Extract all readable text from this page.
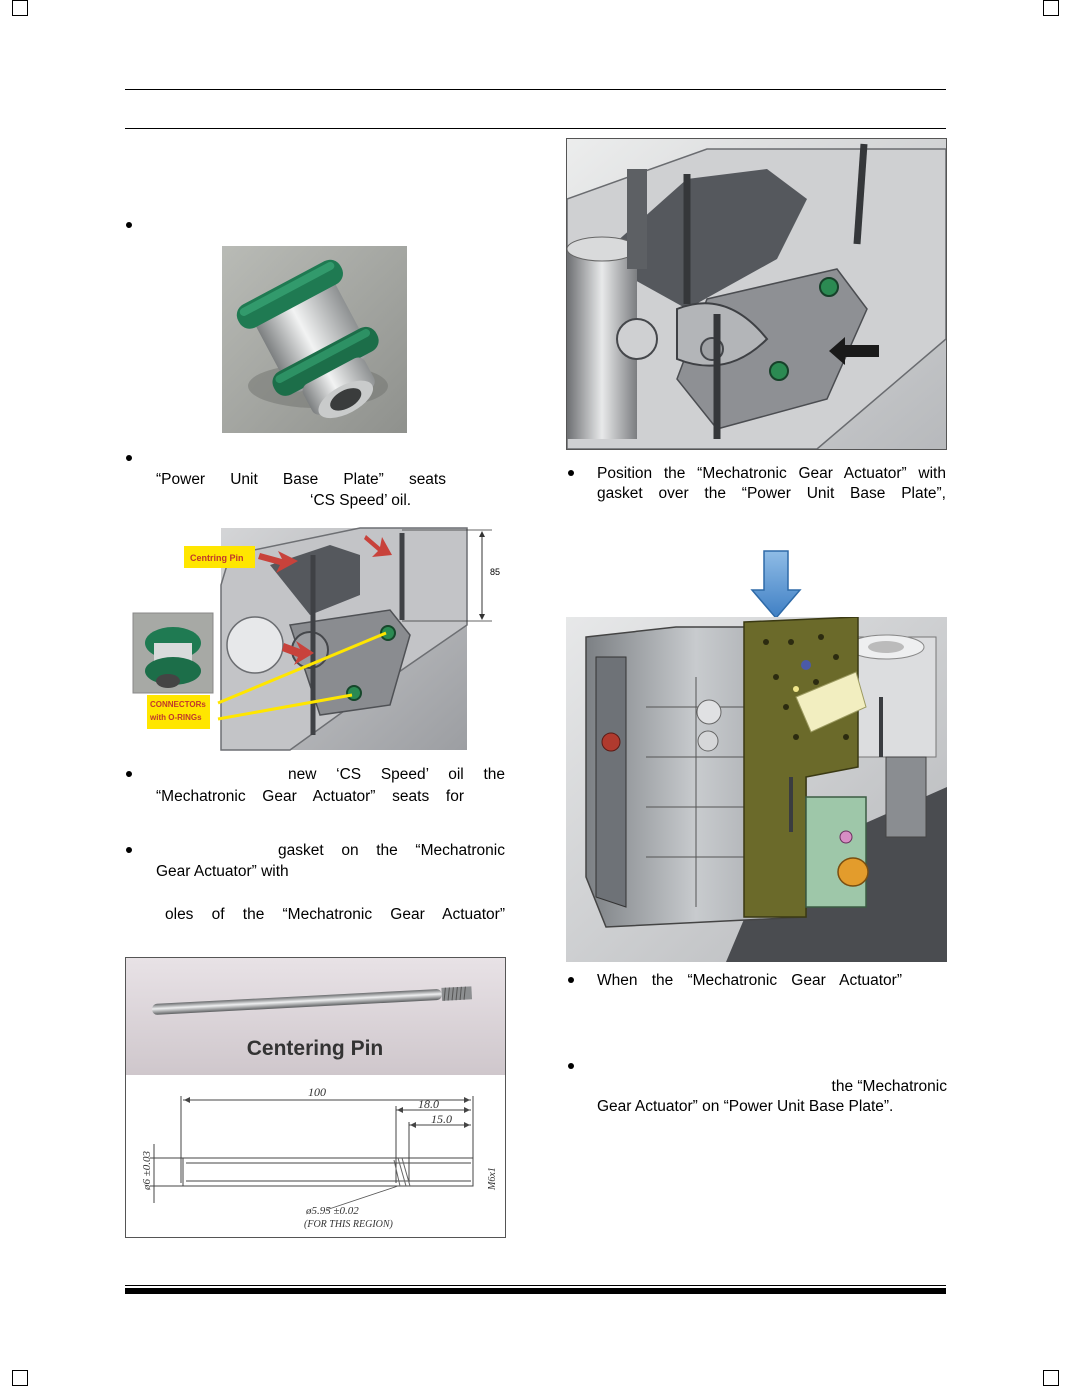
“Power Unit Base Plate” seats
‘CS Speed’ oil.
85
Centring Pin
CONNECTORs with O-RINGs
new ‘CS Speed’ oil the
“Mechatronic Gear Actuator” seats for
gasket on the “Mechatronic
Gear Actuator” with
oles of the “Mechatronic Gear Actuator”
Centering Pin
100
18.0
15.0
ø6 ±0.03	M6x1
ø5.95 ±0.02
(FOR THIS REGION)
Position the “Mechatronic Gear Actuator” with
gasket over the “Power Unit Base Plate”,
When the “Mechatronic Gear Actuator”
the “Mechatronic
Gear Actuator” on “Power Unit Base Plate”.
